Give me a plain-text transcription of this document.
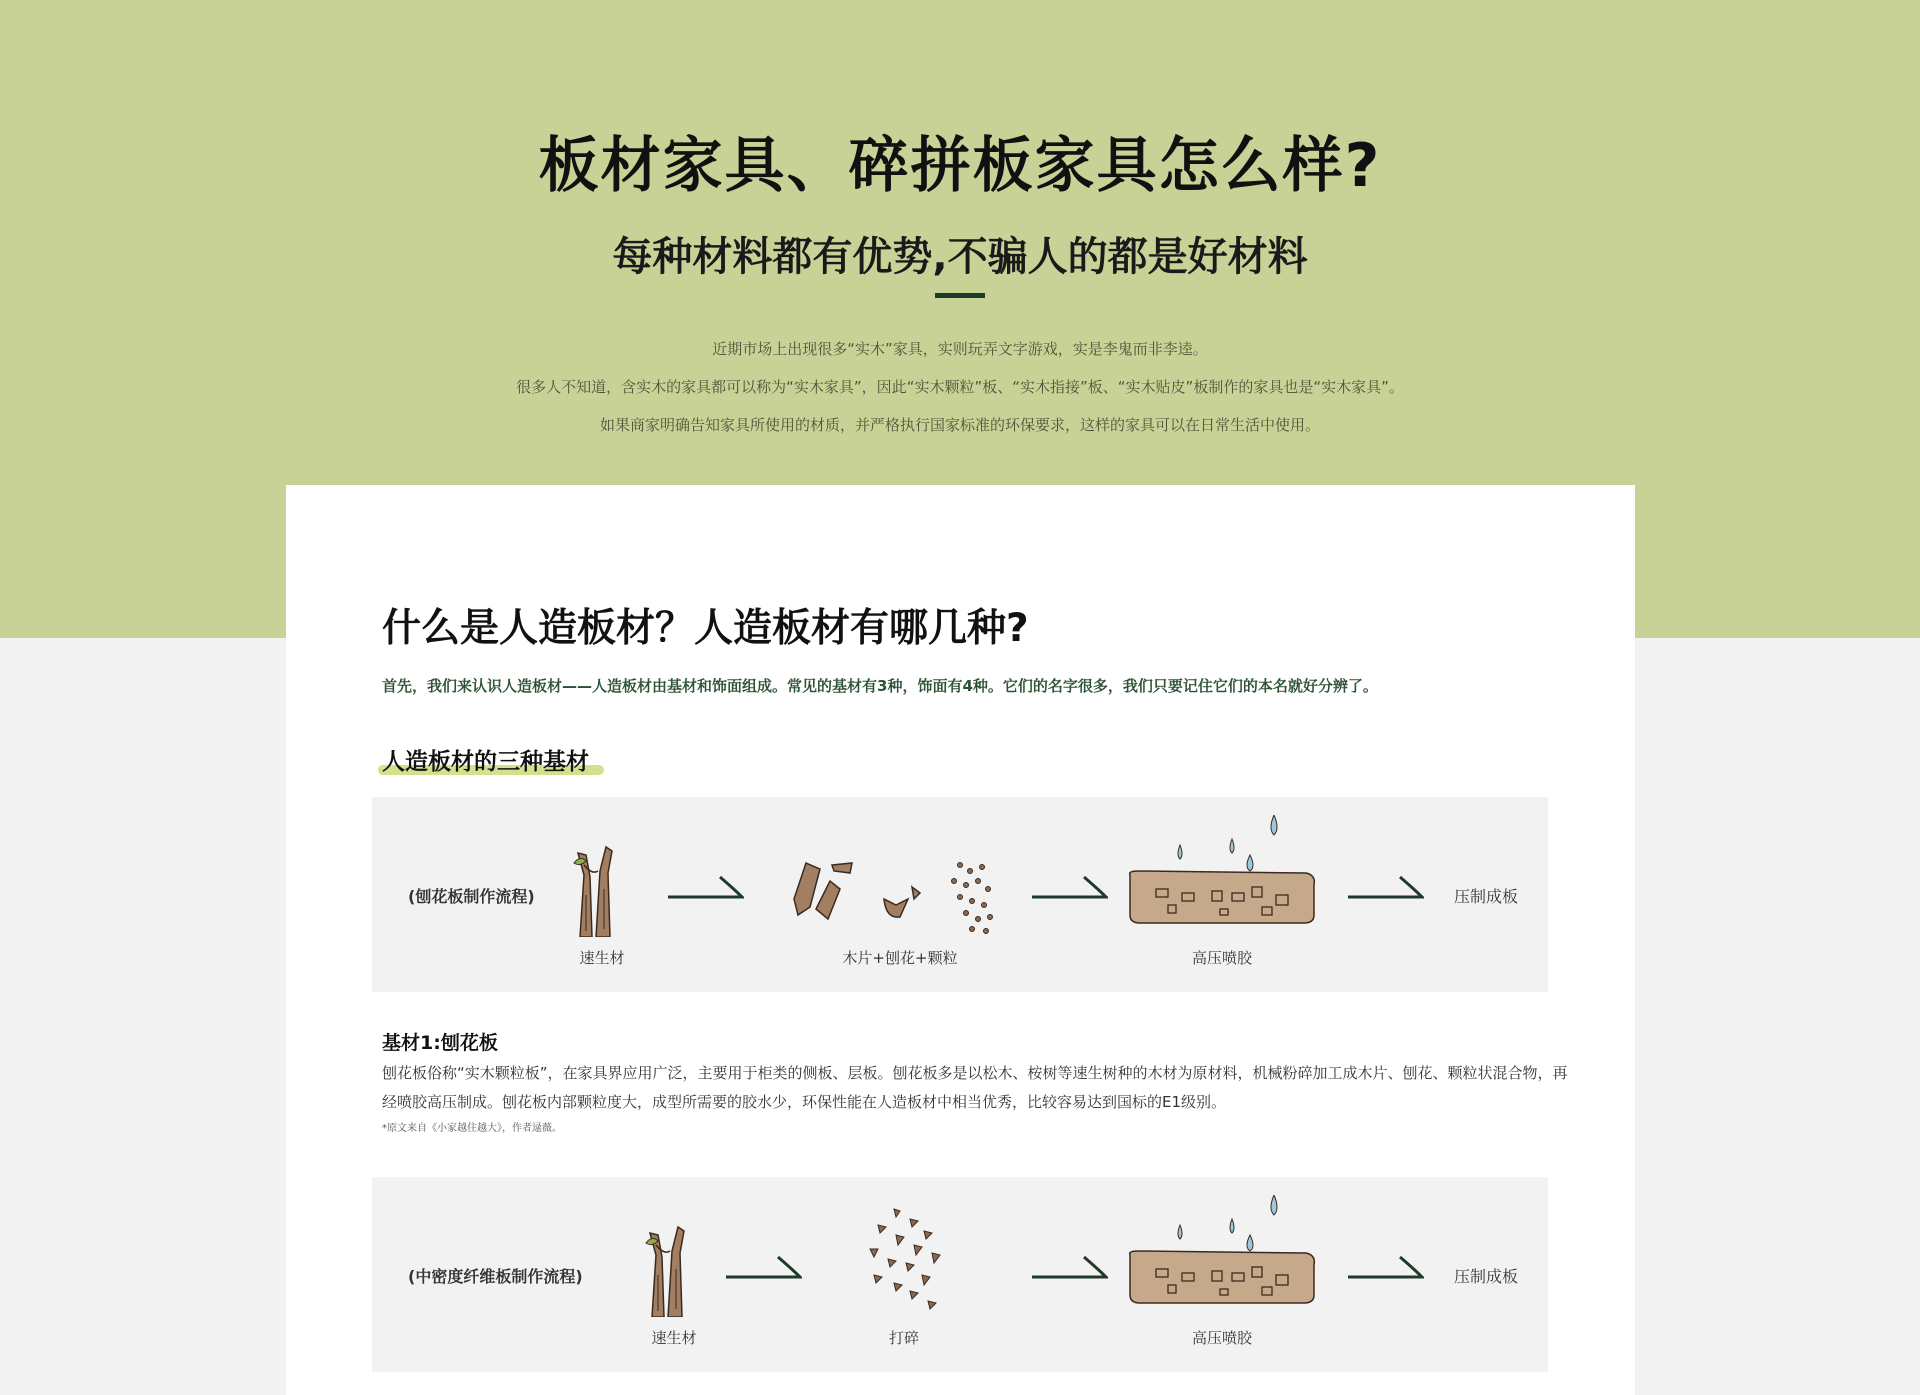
板材家具、碎拼板家具怎么样?
每种材料都有优势,不骗人的都是好材料

近期市场上出现很多“实木”家具，实则玩弄文字游戏，实是李鬼而非李逵。

很多人不知道，含实木的家具都可以称为“实木家具”，因此“实木颗粒”板、“实木指接”板、“实木贴皮”板制作的家具也是“实木家具”。

如果商家明确告知家具所使用的材质，并严格执行国家标准的环保要求，这样的家具可以在日常生活中使用。

什么是人造板材？人造板材有哪几种?
首先，我们来认识人造板材——人造板材由基材和饰面组成。常见的基材有3种，饰面有4种。它们的名字很多，我们只要记住它们的本名就好分辨了。
人造板材的三种基材
(刨花板制作流程)
速生材	木片+刨花+颗粒	高压喷胶
压制成板
基材1:刨花板
刨花板俗称“实木颗粒板”，在家具界应用广泛，主要用于柜类的侧板、层板。刨花板多是以松木、桉树等速生树种的木材为原材料，机械粉碎加工成木片、刨花、颗粒状混合物，再经喷胶高压制成。刨花板内部颗粒度大，成型所需要的胶水少，环保性能在人造板材中相当优秀，比较容易达到国标的E1级别。
*原文来自《小家越住越大》，作者逯薇。
(中密度纤维板制作流程)
速生材	打碎	高压喷胶
压制成板
